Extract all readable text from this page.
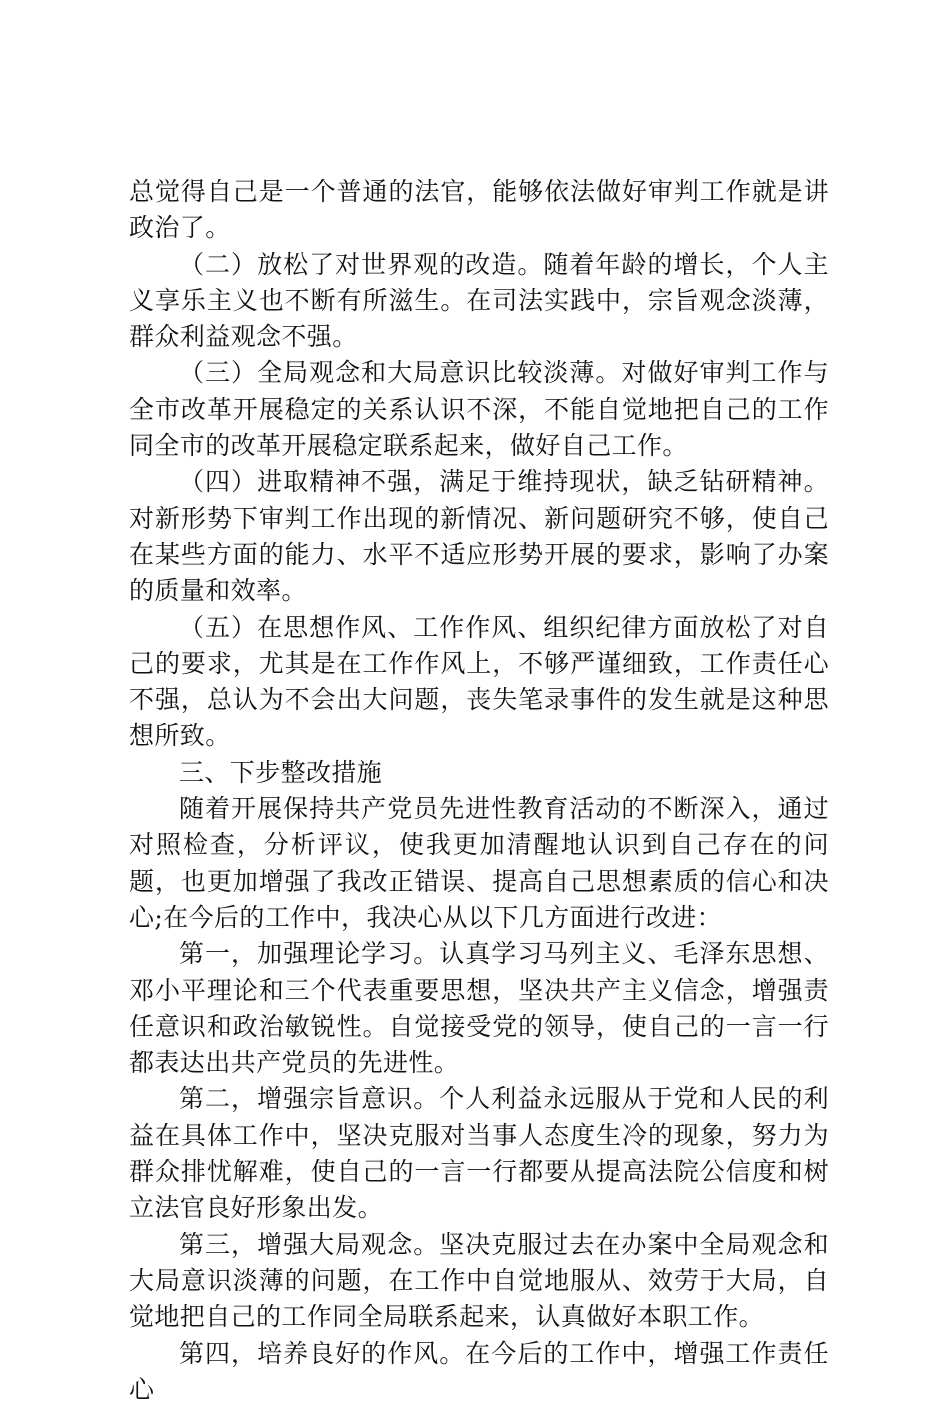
总觉得自己是一个普通的法官，能够依法做好审判工作就是讲政治了。

（二）放松了对世界观的改造。随着年龄的增长，个人主义享乐主义也不断有所滋生。在司法实践中，宗旨观念淡薄，群众利益观念不强。

（三）全局观念和大局意识比较淡薄。对做好审判工作与全市改革开展稳定的关系认识不深，不能自觉地把自己的工作同全市的改革开展稳定联系起来，做好自己工作。

（四）进取精神不强，满足于维持现状，缺乏钻研精神。对新形势下审判工作出现的新情况、新问题研究不够，使自己在某些方面的能力、水平不适应形势开展的要求，影响了办案的质量和效率。

（五）在思想作风、工作作风、组织纪律方面放松了对自己的要求，尤其是在工作作风上，不够严谨细致，工作责任心不强，总认为不会出大问题，丧失笔录事件的发生就是这种思想所致。

三、下步整改措施

随着开展保持共产党员先进性教育活动的不断深入，通过对照检查，分析评议，使我更加清醒地认识到自己存在的问题，也更加增强了我改正错误、提高自己思想素质的信心和决心;在今后的工作中，我决心从以下几方面进行改进：

第一，加强理论学习。认真学习马列主义、毛泽东思想、邓小平理论和三个代表重要思想，坚决共产主义信念，增强责任意识和政治敏锐性。自觉接受党的领导，使自己的一言一行都表达出共产党员的先进性。

第二，增强宗旨意识。个人利益永远服从于党和人民的利益在具体工作中，坚决克服对当事人态度生冷的现象，努力为群众排忧解难，使自己的一言一行都要从提高法院公信度和树立法官良好形象出发。

第三，增强大局观念。坚决克服过去在办案中全局观念和大局意识淡薄的问题，在工作中自觉地服从、效劳于大局，自觉地把自己的工作同全局联系起来，认真做好本职工作。

第四，培养良好的作风。在今后的工作中，增强工作责任心
